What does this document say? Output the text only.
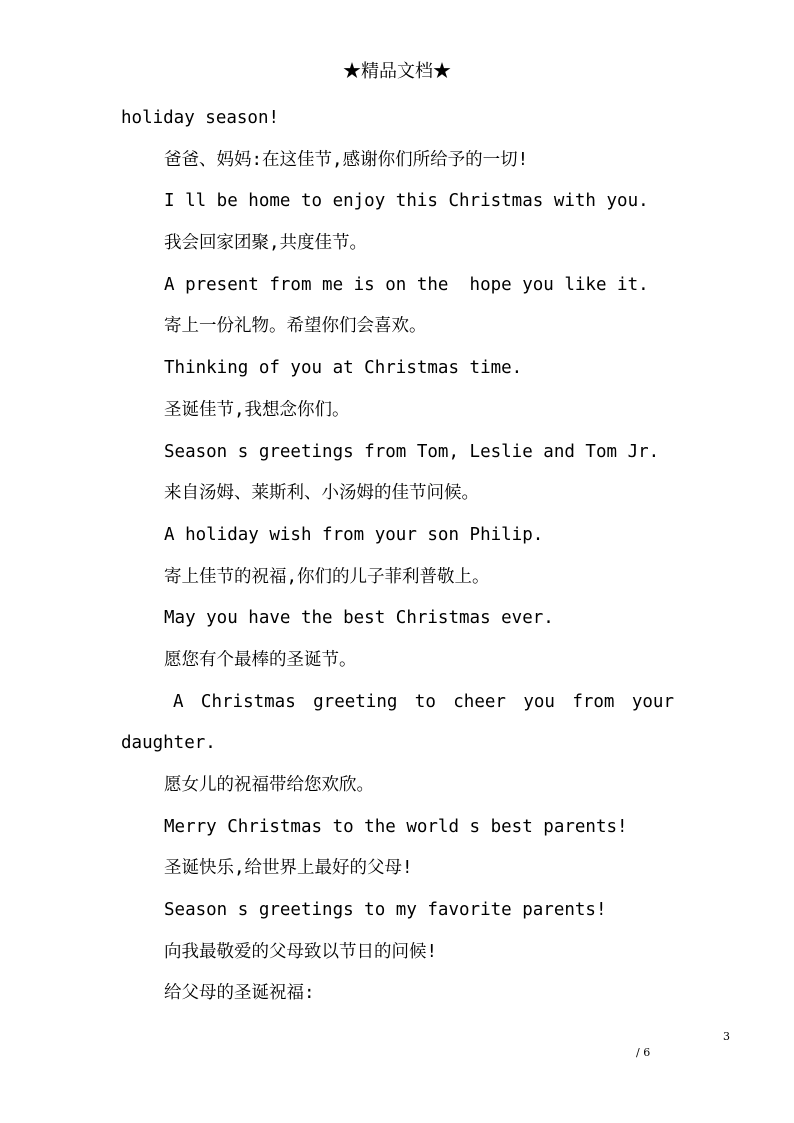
★精品文档★
holiday season!
爸爸、妈妈:在这佳节,感谢你们所给予的一切!
I ll be home to enjoy this Christmas with you.
我会回家团聚,共度佳节。
A present from me is on the  hope you like it.
寄上一份礼物。希望你们会喜欢。
Thinking of you at Christmas time.
圣诞佳节,我想念你们。
Season s greetings from Tom, Leslie and Tom Jr.
来自汤姆、莱斯利、小汤姆的佳节问候。
A holiday wish from your son Philip.
寄上佳节的祝福,你们的儿子菲利普敬上。
May you have the best Christmas ever.
愿您有个最棒的圣诞节。
A Christmas greeting to cheer you from your
daughter.
愿女儿的祝福带给您欢欣。
Merry Christmas to the world s best parents!
圣诞快乐,给世界上最好的父母!
Season s greetings to my favorite parents!
向我最敬爱的父母致以节日的问候!
给父母的圣诞祝福:
3
/ 6
